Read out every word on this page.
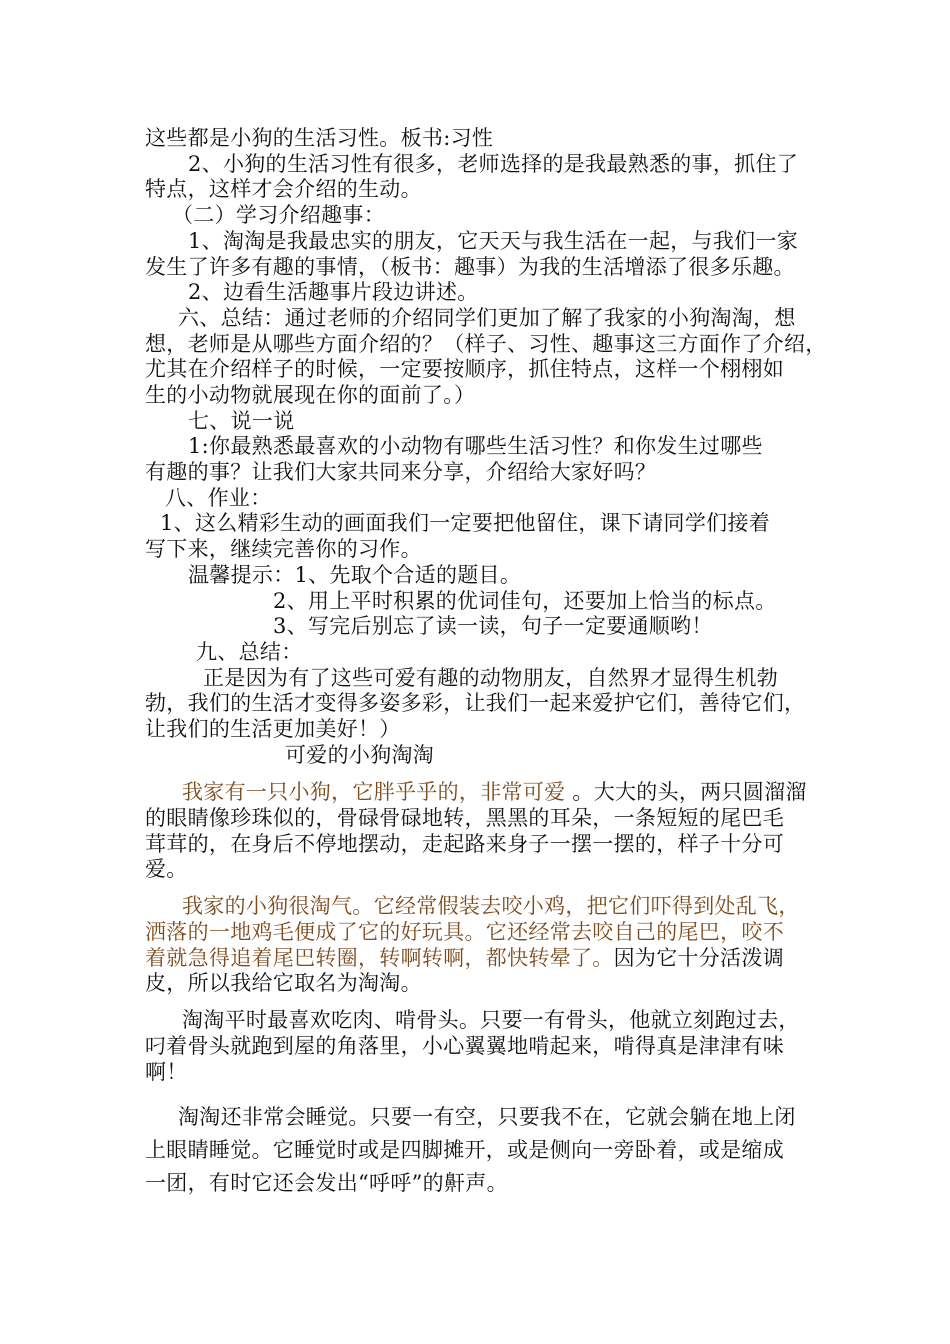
这些都是小狗的生活习性。板书:习性
2、小狗的生活习性有很多，老师选择的是我最熟悉的事，抓住了
特点，这样才会介绍的生动。
（二）学习介绍趣事：
1、淘淘是我最忠实的朋友，它天天与我生活在一起，与我们一家
发生了许多有趣的事情，（板书：趣事）为我的生活增添了很多乐趣。
2、边看生活趣事片段边讲述。
六、总结：通过老师的介绍同学们更加了解了我家的小狗淘淘，想
想，老师是从哪些方面介绍的？（样子、习性、趣事这三方面作了介绍，
尤其在介绍样子的时候，一定要按顺序，抓住特点，这样一个栩栩如
生的小动物就展现在你的面前了。）
七、说一说
1:你最熟悉最喜欢的小动物有哪些生活习性？和你发生过哪些
有趣的事？让我们大家共同来分享，介绍给大家好吗？
八、作业：
1、这么精彩生动的画面我们一定要把他留住，课下请同学们接着
写下来，继续完善你的习作。
温馨提示：1、先取个合适的题目。
2、用上平时积累的优词佳句，还要加上恰当的标点。
3、写完后别忘了读一读，句子一定要通顺哟！
九、总结：
正是因为有了这些可爱有趣的动物朋友，自然界才显得生机勃
勃，我们的生活才变得多姿多彩，让我们一起来爱护它们，善待它们，
让我们的生活更加美好！）
可爱的小狗淘淘
我家有一只小狗，它胖乎乎的，非常可爱 。大大的头，两只圆溜溜
的眼睛像珍珠似的，骨碌骨碌地转，黑黑的耳朵，一条短短的尾巴毛
茸茸的，在身后不停地摆动，走起路来身子一摆一摆的，样子十分可
爱。
我家的小狗很淘气。它经常假装去咬小鸡，把它们吓得到处乱飞，
洒落的一地鸡毛便成了它的好玩具。它还经常去咬自己的尾巴，咬不
着就急得追着尾巴转圈，转啊转啊，都快转晕了。因为它十分活泼调
皮，所以我给它取名为淘淘。
淘淘平时最喜欢吃肉、啃骨头。只要一有骨头，他就立刻跑过去，
叼着骨头就跑到屋的角落里，小心翼翼地啃起来，啃得真是津津有味
啊！
淘淘还非常会睡觉。只要一有空，只要我不在，它就会躺在地上闭
上眼睛睡觉。它睡觉时或是四脚摊开，或是侧向一旁卧着，或是缩成
一团，有时它还会发出“呼呼”的鼾声。
